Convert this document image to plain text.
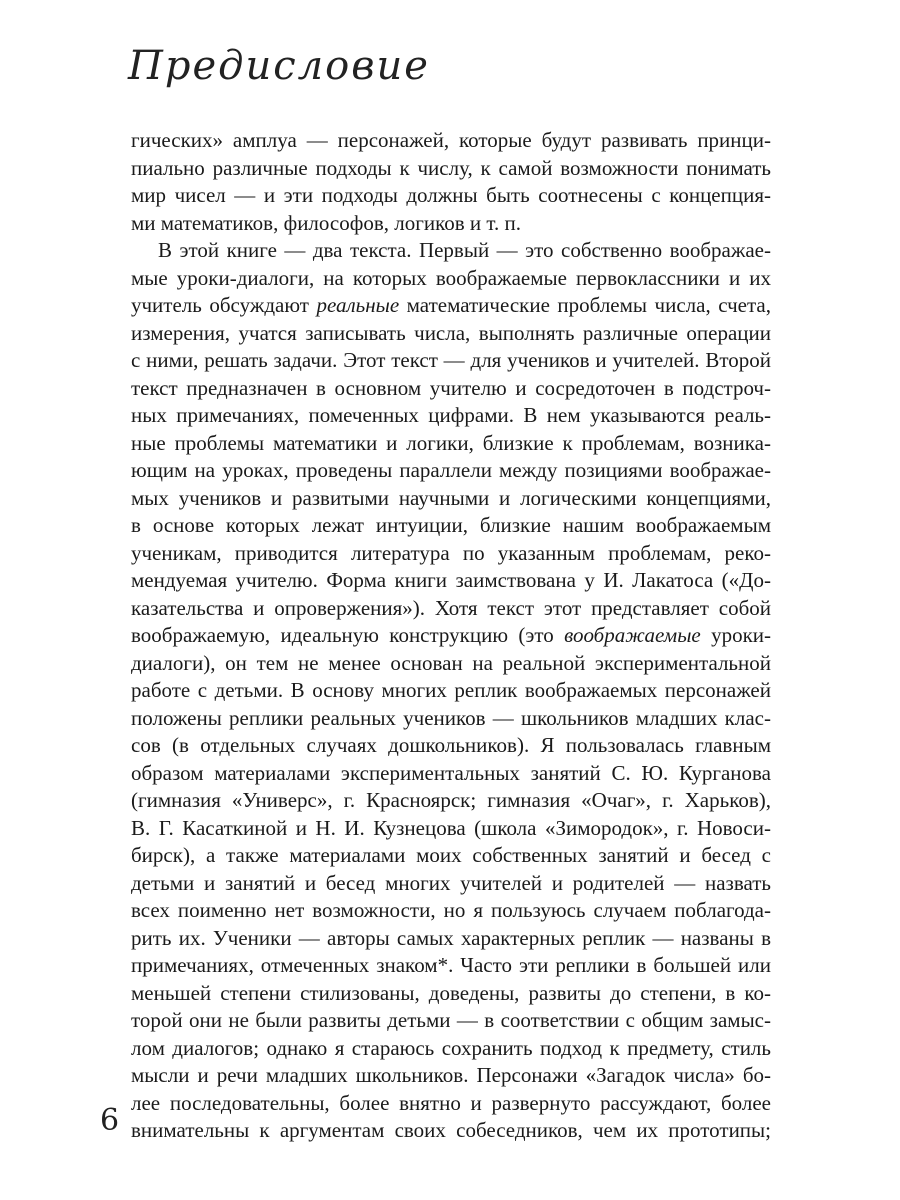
Предисловие
гических» амплуа — персонажей, которые будут развивать принци-
пиально различные подходы к числу, к самой возможности понимать
мир чисел — и эти подходы должны быть соотнесены с концепция-
ми математиков, философов, логиков и т. п.
В этой книге — два текста. Первый — это собственно воображае-
мые уроки-диалоги, на которых воображаемые первоклассники и их
учитель обсуждают реальные математические проблемы числа, счета,
измерения, учатся записывать числа, выполнять различные операции
с ними, решать задачи. Этот текст — для учеников и учителей. Второй
текст предназначен в основном учителю и сосредоточен в подстроч-
ных примечаниях, помеченных цифрами. В нем указываются реаль-
ные проблемы математики и логики, близкие к проблемам, возника-
ющим на уроках, проведены параллели между позициями воображае-
мых учеников и развитыми научными и логическими концепциями,
в основе которых лежат интуиции, близкие нашим воображаемым
ученикам, приводится литература по указанным проблемам, реко-
мендуемая учителю. Форма книги заимствована у И. Лакатоса («До-
казательства и опровержения»). Хотя текст этот представляет собой
воображаемую, идеальную конструкцию (это воображаемые уроки-
диалоги), он тем не менее основан на реальной экспериментальной
работе с детьми. В основу многих реплик воображаемых персонажей
положены реплики реальных учеников — школьников младших клас-
сов (в отдельных случаях дошкольников). Я пользовалась главным
образом материалами экспериментальных занятий С. Ю. Курганова
(гимназия «Универс», г. Красноярск; гимназия «Очаг», г. Харьков),
В. Г. Касаткиной и Н. И. Кузнецова (школа «Зимородок», г. Новоси-
бирск), а также материалами моих собственных занятий и бесед с
детьми и занятий и бесед многих учителей и родителей — назвать
всех поименно нет возможности, но я пользуюсь случаем поблагода-
рить их. Ученики — авторы самых характерных реплик — названы в
примечаниях, отмеченных знаком*. Часто эти реплики в большей или
меньшей степени стилизованы, доведены, развиты до степени, в ко-
торой они не были развиты детьми — в соответствии с общим замыс-
лом диалогов; однако я стараюсь сохранить подход к предмету, стиль
мысли и речи младших школьников. Персонажи «Загадок числа» бо-
лее последовательны, более внятно и развернуто рассуждают, более
внимательны к аргументам своих собеседников, чем их прототипы;
6
